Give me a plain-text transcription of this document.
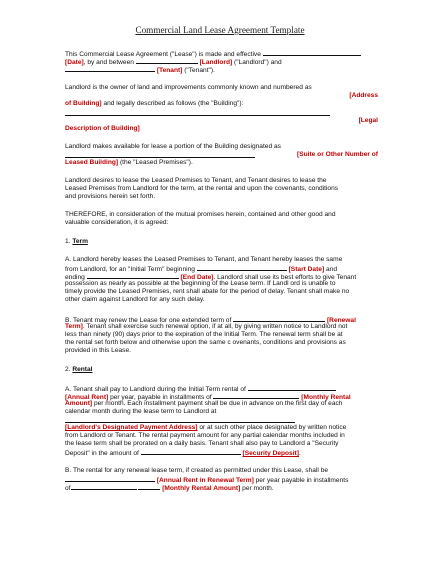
Commercial Land Lease Agreement Template
This Commercial Lease Agreement ("Lease") is made and effective
[Date], by and between	[Landlord] ("Landlord") and
[Tenant] ("Tenant").
Landlord is the owner of land and improvements commonly known and numbered as
[Address
of Building] and legally described as follows (the "Building"):
[Legal
Description of Building]
Landlord makes available for lease a portion of the Building designated as
[Suite or Other Number of
Leased Building] (the "Leased Premises").
Landlord desires to lease the Leased Premises to Tenant, and Tenant desires to lease the
Leased Premises from Landlord for the term, at the rental and upon the covenants, conditions
and provisions herein set forth.
THEREFORE, in consideration of the mutual promises herein, contained and other good and
valuable consideration, it is agreed:
1. Term
A. Landlord hereby leases the Leased Premises to Tenant, and Tenant hereby leases the same
from Landlord, for an "Initial Term" beginning	[Start Date] and
ending	[End Date]. Landlord shall use its best efforts to give Tenant
possession as nearly as possible at the beginning of the Lease term. If Landl ord is unable to
timely provide the Leased Premises, rent shall abate for the period of delay. Tenant shall make no
other claim against Landlord for any such delay.
B. Tenant may renew the Lease for one extended term of	[Renewal
Term]. Tenant shall exercise such renewal option, if at all, by giving written notice to Landlord not
less than ninety (90) days prior to the expiration of the Initial Term. The renewal term shall be at
the rental set forth below and otherwise upon the same c ovenants, conditions and provisions as
provided in this Lease.
2. Rental
A. Tenant shall pay to Landlord during the Initial Term rental of
[Annual Rent] per year, payable in installments of	[Monthly Rental
Amount] per month. Each installment payment shall be due in advance on the first day of each
calendar month during the lease term to Landlord at
[Landlord's Designated Payment Address] or at such other place designated by written notice
from Landlord or Tenant. The rental payment amount for any partial calendar months included in
the lease term shall be prorated on a daily basis. Tenant shall also pay to Landlord a "Security
Deposit" in the amount of	[Security Deposit].
B. The rental for any renewal lease term, if created as permitted under this Lease, shall be
[Annual Rent in Renewal Term] per year payable in installments
of	[Monthly Rental Amount] per month.
